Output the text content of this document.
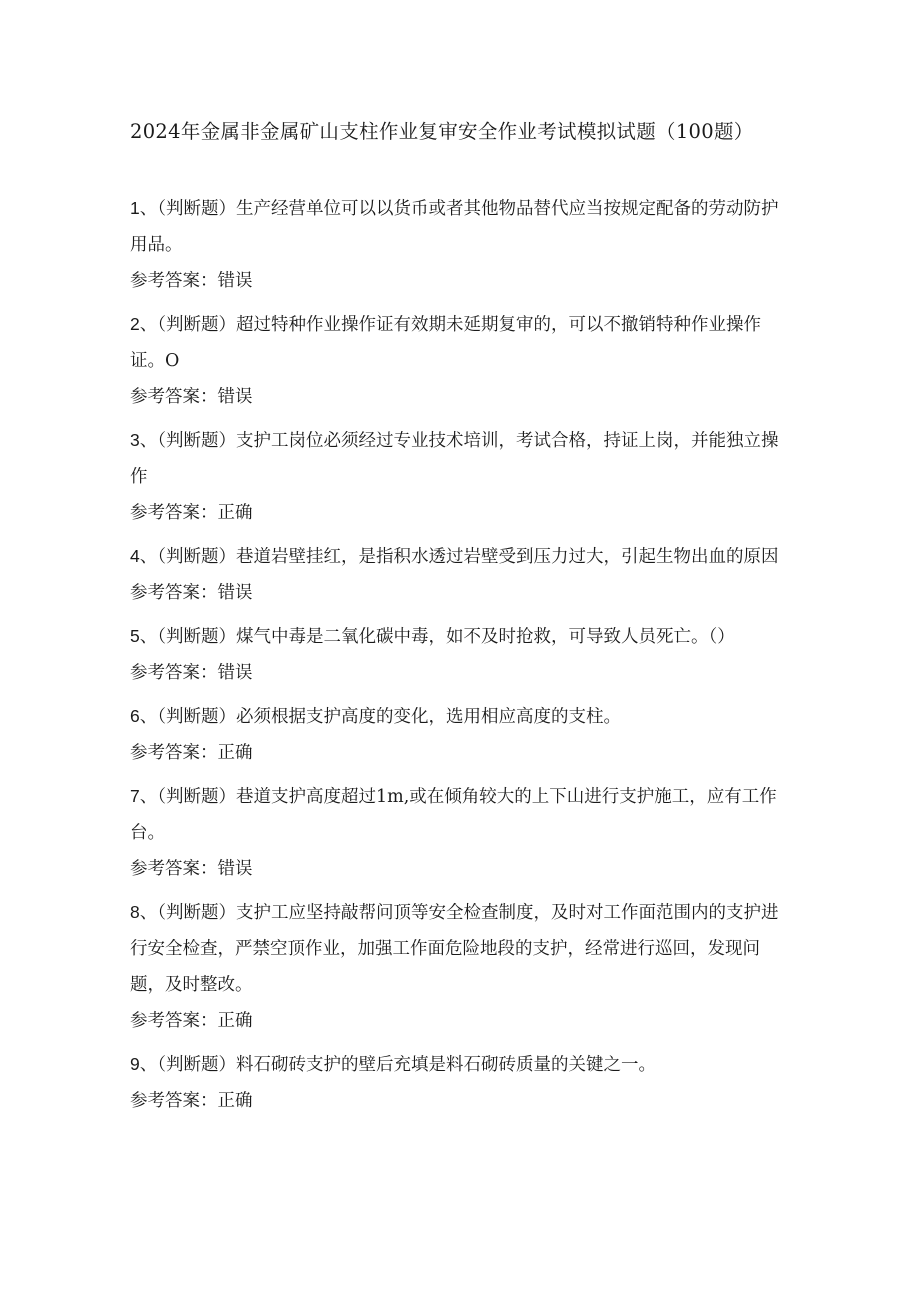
2024年金属非金属矿山支柱作业复审安全作业考试模拟试题（100题）

1、（判断题）生产经营单位可以以货币或者其他物品替代应当按规定配备的劳动防护用品。

参考答案：错误

2、（判断题）超过特种作业操作证有效期未延期复审的，可以不撤销特种作业操作证。O

参考答案：错误

3、（判断题）支护工岗位必须经过专业技术培训，考试合格，持证上岗，并能独立操作

参考答案：正确

4、（判断题）巷道岩壁挂红，是指积水透过岩壁受到压力过大，引起生物出血的原因

参考答案：错误

5、（判断题）煤气中毒是二氧化碳中毒，如不及时抢救，可导致人员死亡。（）

参考答案：错误

6、（判断题）必须根据支护高度的变化，选用相应高度的支柱。

参考答案：正确

7、（判断题）巷道支护高度超过1m,或在倾角较大的上下山进行支护施工，应有工作台。

参考答案：错误

8、（判断题）支护工应坚持敲帮问顶等安全检查制度，及时对工作面范围内的支护进行安全检查，严禁空顶作业，加强工作面危险地段的支护，经常进行巡回，发现问题，及时整改。

参考答案：正确

9、（判断题）料石砌砖支护的壁后充填是料石砌砖质量的关键之一。

参考答案：正确
